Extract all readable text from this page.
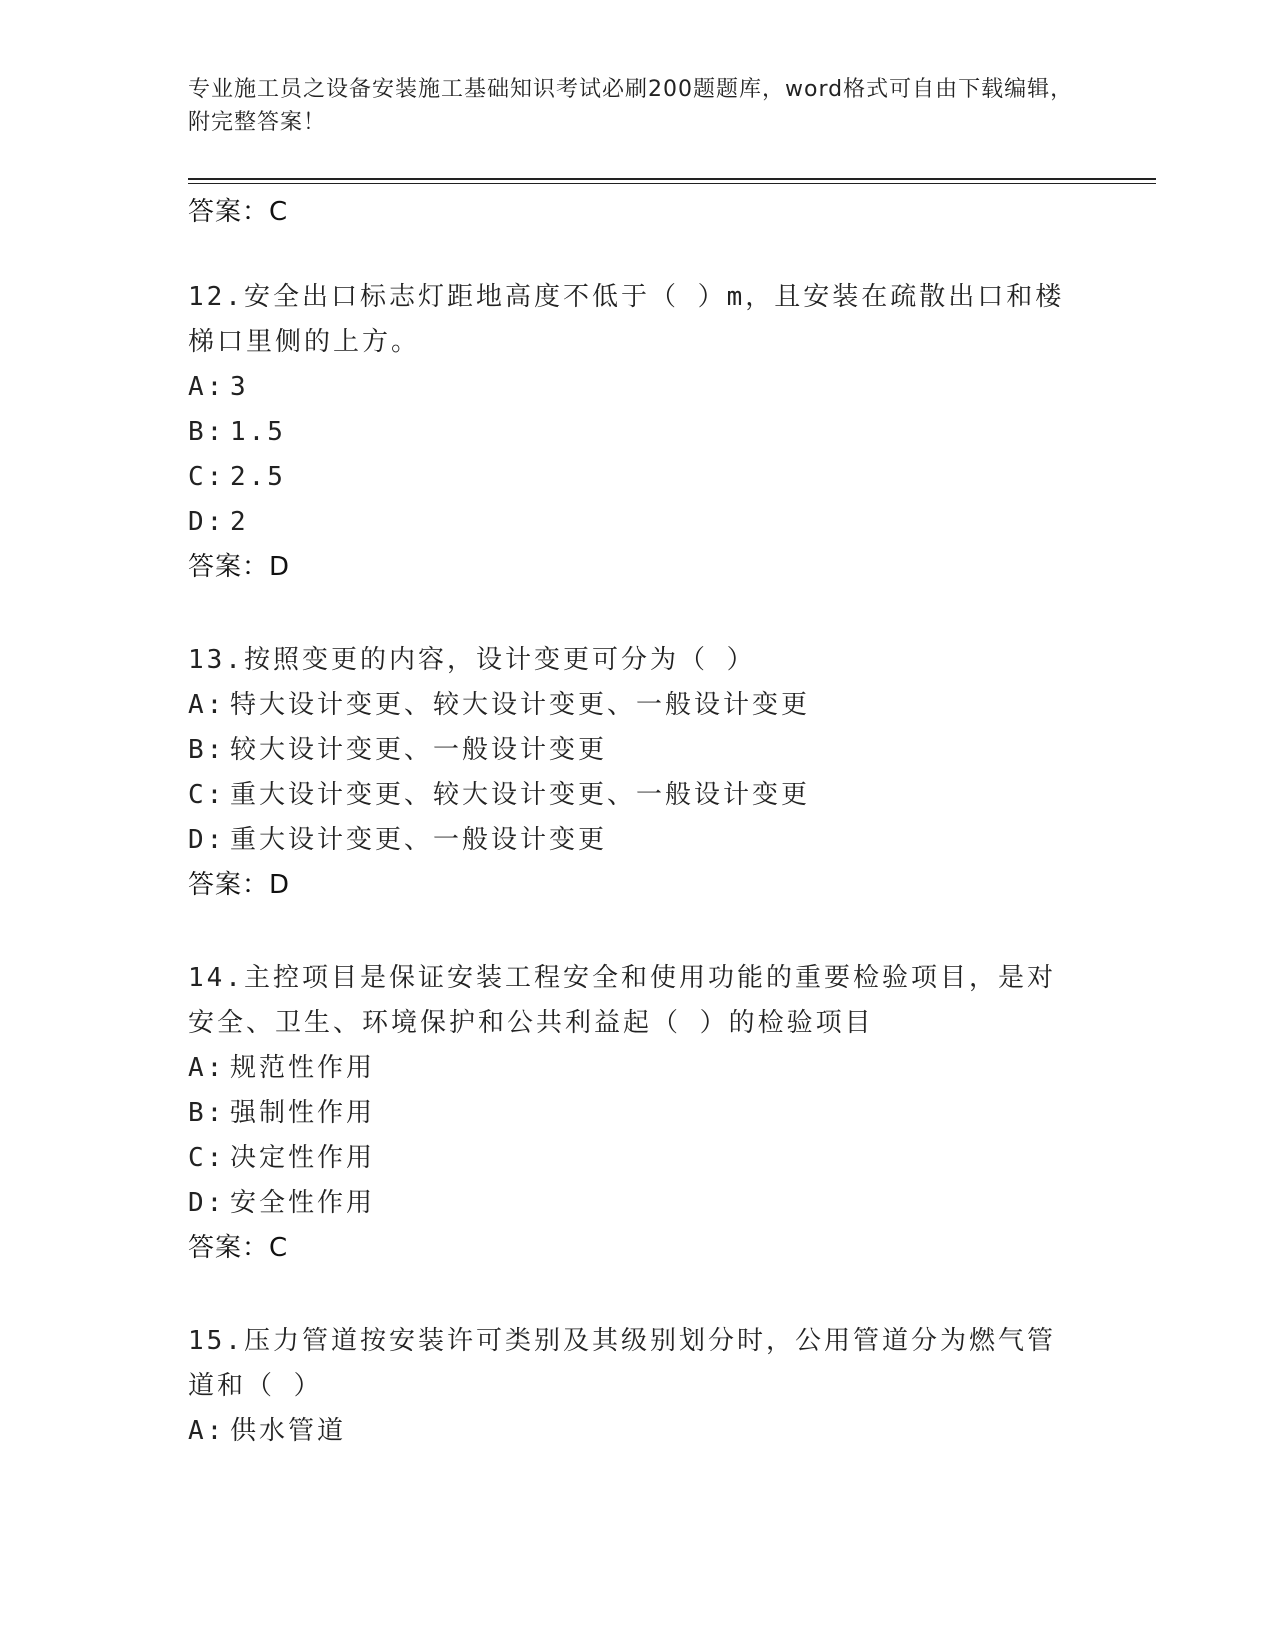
专业施工员之设备安装施工基础知识考试必刷200题题库，word格式可自由下载编辑，附完整答案！
答案：C
12.安全出口标志灯距地高度不低于（ ）m，且安装在疏散出口和楼梯口里侧的上方。
A: 3
B: 1.5
C: 2.5
D: 2
答案：D
13.按照变更的内容，设计变更可分为（ ）
A: 特大设计变更、较大设计变更、一般设计变更
B: 较大设计变更、一般设计变更
C: 重大设计变更、较大设计变更、一般设计变更
D: 重大设计变更、一般设计变更
答案：D
14.主控项目是保证安装工程安全和使用功能的重要检验项目，是对安全、卫生、环境保护和公共利益起（ ）的检验项目
A: 规范性作用
B: 强制性作用
C: 决定性作用
D: 安全性作用
答案：C
15.压力管道按安装许可类别及其级别划分时，公用管道分为燃气管道和（ ）
A: 供水管道
